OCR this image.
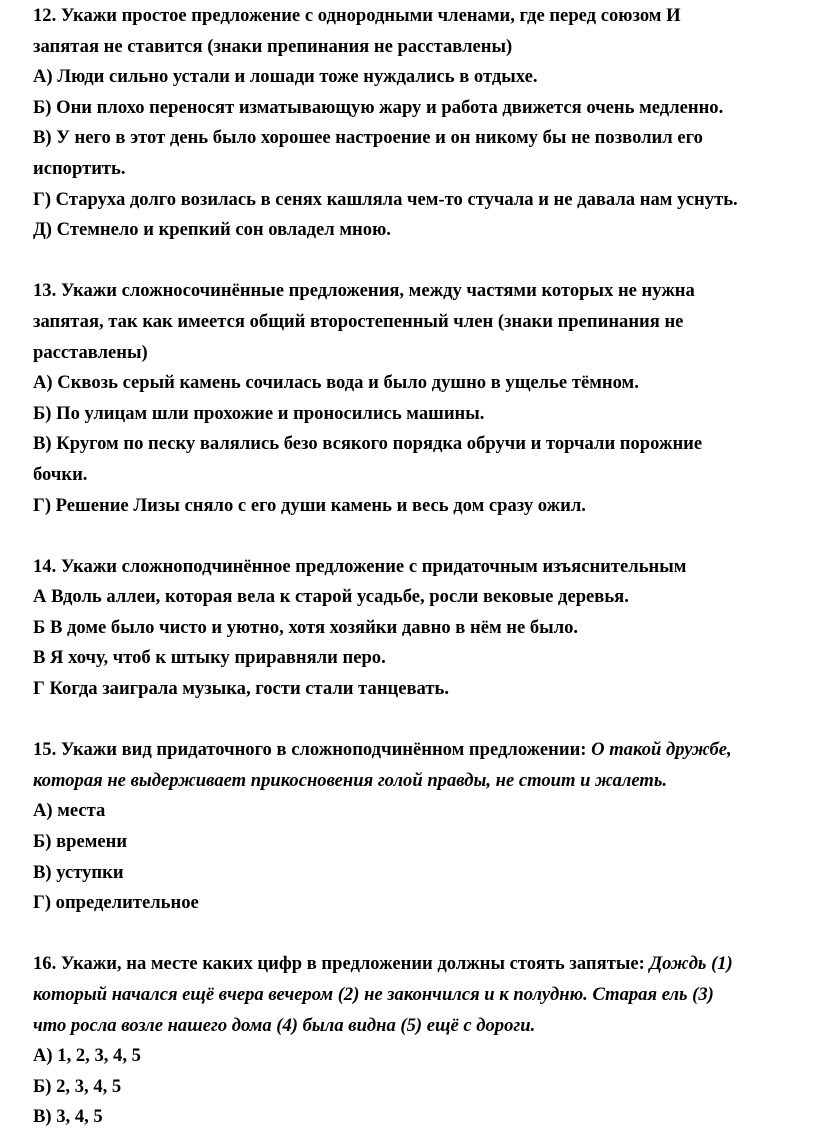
12. Укажи простое предложение с однородными членами, где перед союзом И
запятая не ставится (знаки препинания не расставлены)
А) Люди сильно устали и лошади тоже нуждались в отдыхе.
Б) Они плохо переносят изматывающую жару и работа движется очень медленно.
В) У него в этот день было хорошее настроение и он никому бы не позволил его
испортить.
Г) Старуха долго возилась в сенях кашляла чем-то стучала и не давала нам уснуть.
Д) Стемнело и крепкий сон овладел мною.
13. Укажи сложносочинённые предложения, между частями которых не нужна
запятая, так как имеется общий второстепенный член (знаки препинания не
расставлены)
А) Сквозь серый камень сочилась вода и было душно в ущелье тёмном.
Б) По улицам шли прохожие и проносились машины.
В) Кругом по песку валялись безо всякого порядка обручи и торчали порожние
бочки.
Г) Решение Лизы сняло с его души камень и весь дом сразу ожил.
14. Укажи сложноподчинённое предложение с придаточным изъяснительным
А Вдоль аллеи, которая вела к старой усадьбе, росли вековые деревья.
Б В доме было чисто и уютно, хотя хозяйки давно в нём не было.
В Я хочу, чтоб к штыку приравняли перо.
Г Когда заиграла музыка, гости стали танцевать.
15. Укажи вид придаточного в сложноподчинённом предложении: О такой дружбе,
которая не выдерживает прикосновения голой правды, не стоит и жалеть.
А) места
Б) времени
В) уступки
Г) определительное
16. Укажи, на месте каких цифр в предложении должны стоять запятые: Дождь (1)
который начался ещё вчера вечером (2) не закончился и к полудню. Старая ель (3)
что росла возле нашего дома (4) была видна (5) ещё с дороги.
А) 1, 2, 3, 4, 5
Б) 2, 3, 4, 5
В) 3, 4, 5
